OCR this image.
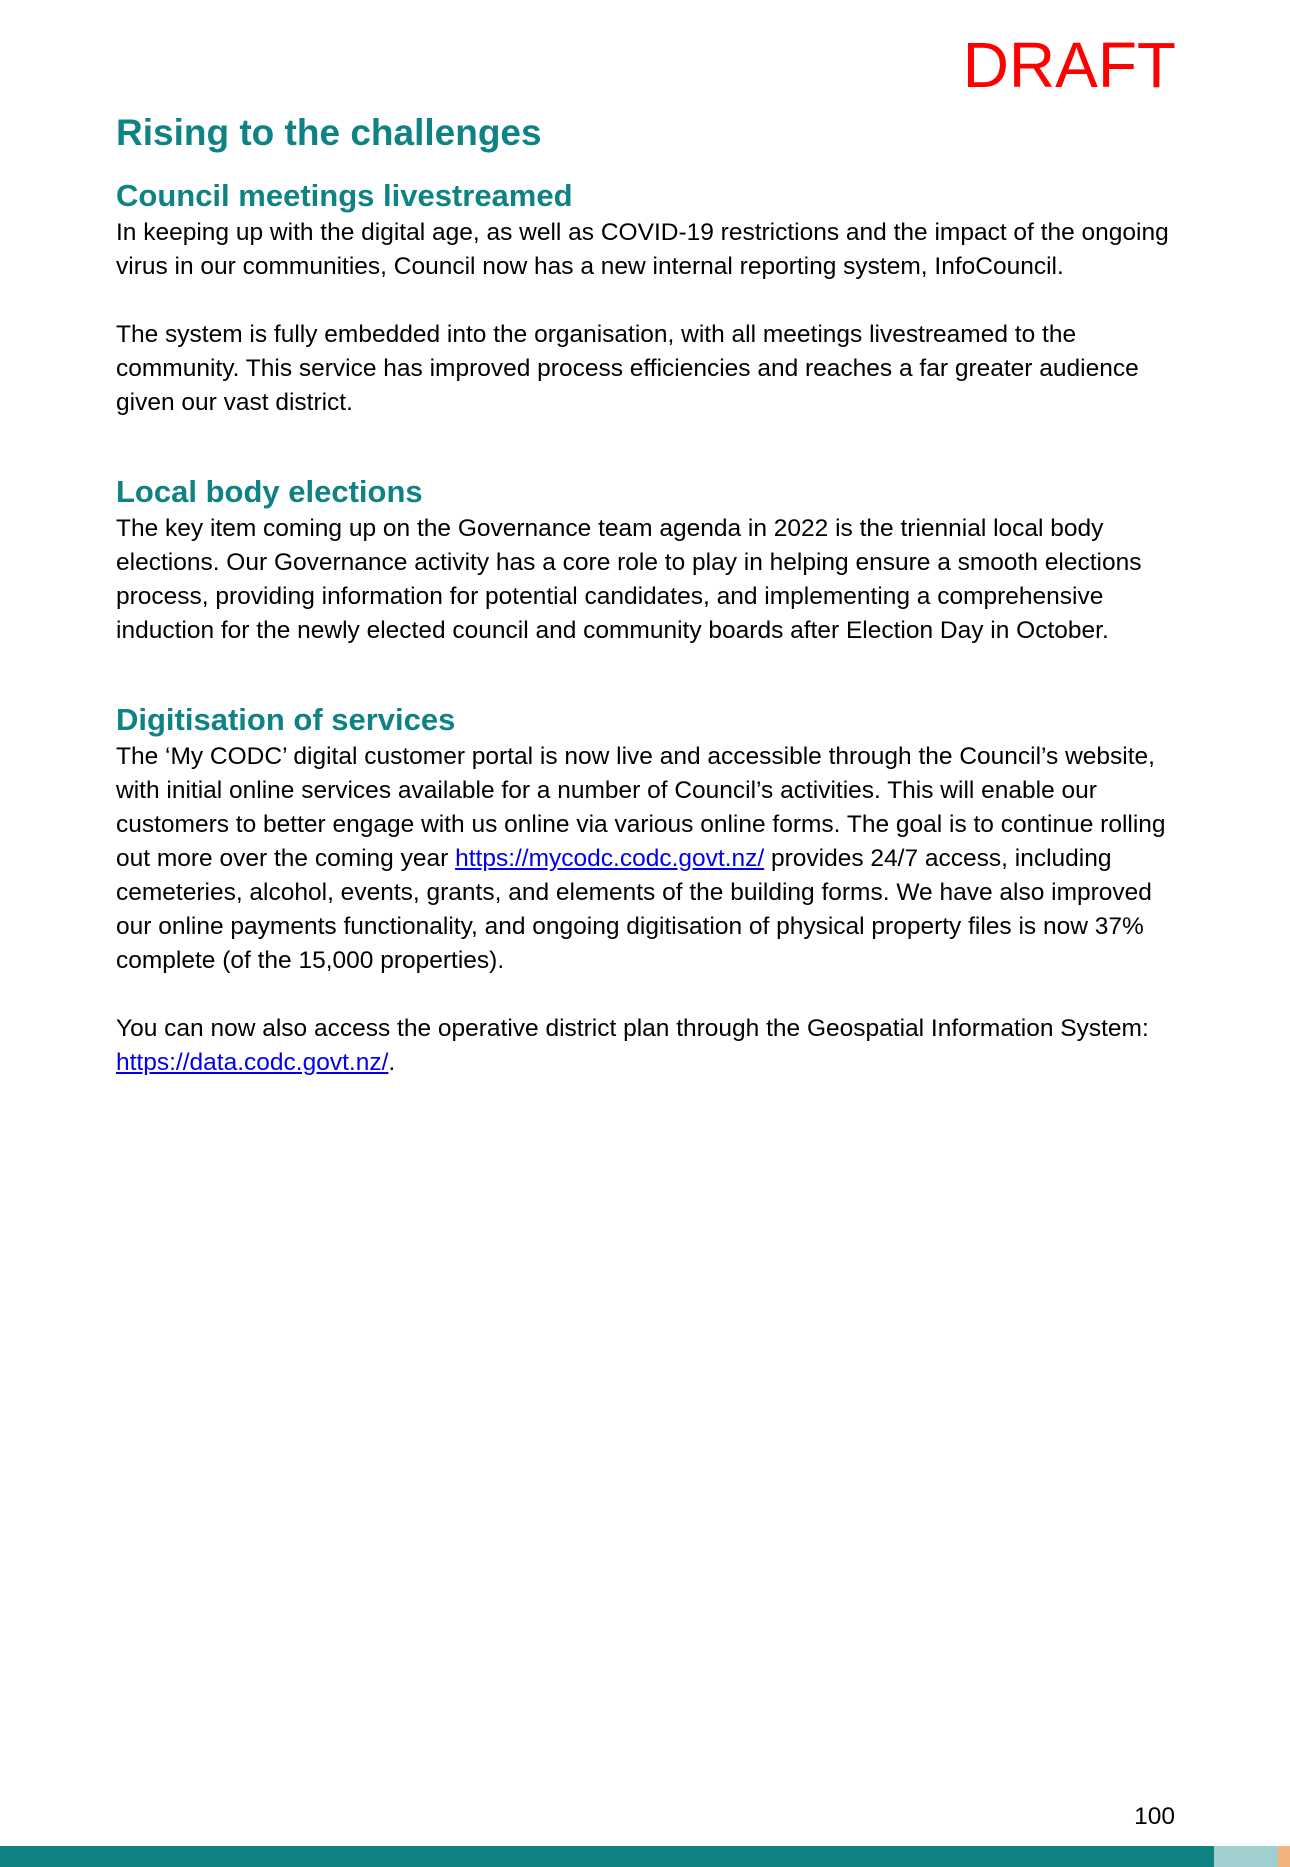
DRAFT
Rising to the challenges
Council meetings livestreamed

In keeping up with the digital age, as well as COVID-19 restrictions and the impact of the ongoing virus in our communities, Council now has a new internal reporting system, InfoCouncil.

The system is fully embedded into the organisation, with all meetings livestreamed to the community. This service has improved process efficiencies and reaches a far greater audience given our vast district.

Local body elections

The key item coming up on the Governance team agenda in 2022 is the triennial local body elections. Our Governance activity has a core role to play in helping ensure a smooth elections process, providing information for potential candidates, and implementing a comprehensive induction for the newly elected council and community boards after Election Day in October.

Digitisation of services

The ‘My CODC’ digital customer portal is now live and accessible through the Council’s website, with initial online services available for a number of Council’s activities. This will enable our customers to better engage with us online via various online forms. The goal is to continue rolling out more over the coming year https://mycodc.codc.govt.nz/ provides 24/7 access, including cemeteries, alcohol, events, grants, and elements of the building forms. We have also improved our online payments functionality, and ongoing digitisation of physical property files is now 37% complete (of the 15,000 properties).

You can now also access the operative district plan through the Geospatial Information System: https://data.codc.govt.nz/.

100
